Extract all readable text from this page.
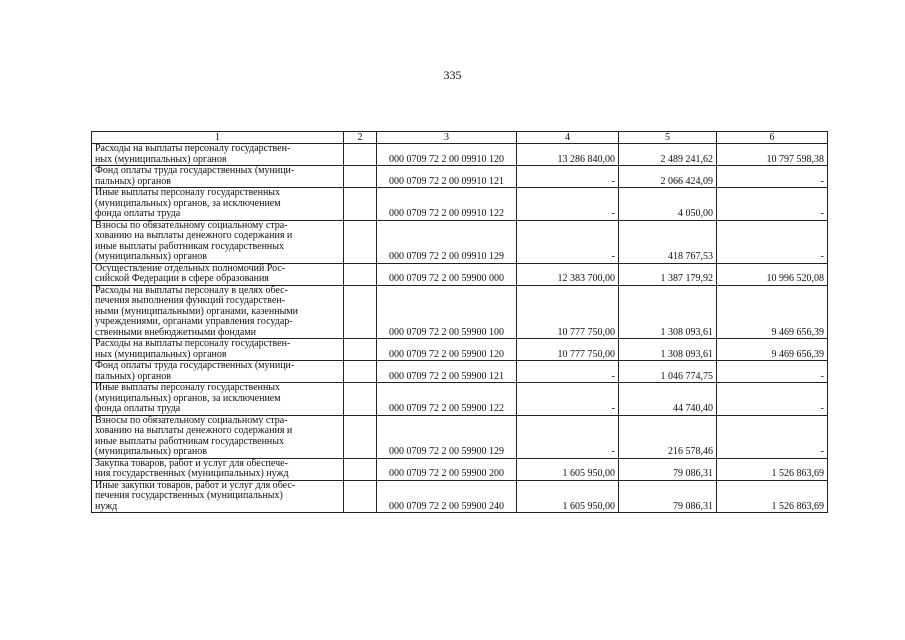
335
1	2	3	4	5	6

Расходы на выплаты персоналу государствен-
ных (муниципальных) органов		000 0709 72 2 00 09910 120	13 286 840,00	2 489 241,62	10 797 598,38

Фонд оплаты труда государственных (муници-
пальных) органов		000 0709 72 2 00 09910 121	-	2 066 424,09	-

Иные выплаты персоналу государственных
(муниципальных) органов, за исключением
фонда оплаты труда		000 0709 72 2 00 09910 122	-	4 050,00	-

Взносы по обязательному социальному стра-
хованию на выплаты денежного содержания и
иные выплаты работникам государственных
(муниципальных) органов		000 0709 72 2 00 09910 129	-	418 767,53	-

Осуществление отдельных полномочий Рос-
сийской Федерации в сфере образования		000 0709 72 2 00 59900 000	12 383 700,00	1 387 179,92	10 996 520,08

Расходы на выплаты персоналу в целях обес-
печения выполнения функций государствен-
ными (муниципальными) органами, казенными
учреждениями, органами управления государ-
ственными внебюджетными фондами		000 0709 72 2 00 59900 100	10 777 750,00	1 308 093,61	9 469 656,39

Расходы на выплаты персоналу государствен-
ных (муниципальных) органов		000 0709 72 2 00 59900 120	10 777 750,00	1 308 093,61	9 469 656,39

Фонд оплаты труда государственных (муници-
пальных) органов		000 0709 72 2 00 59900 121	-	1 046 774,75	-

Иные выплаты персоналу государственных
(муниципальных) органов, за исключением
фонда оплаты труда		000 0709 72 2 00 59900 122	-	44 740,40	-

Взносы по обязательному социальному стра-
хованию на выплаты денежного содержания и
иные выплаты работникам государственных
(муниципальных) органов		000 0709 72 2 00 59900 129	-	216 578,46	-

Закупка товаров, работ и услуг для обеспече-
ния государственных (муниципальных) нужд		000 0709 72 2 00 59900 200	1 605 950,00	79 086,31	1 526 863,69

Иные закупки товаров, работ и услуг для обес-
печения государственных (муниципальных)
нужд		000 0709 72 2 00 59900 240	1 605 950,00	79 086,31	1 526 863,69
